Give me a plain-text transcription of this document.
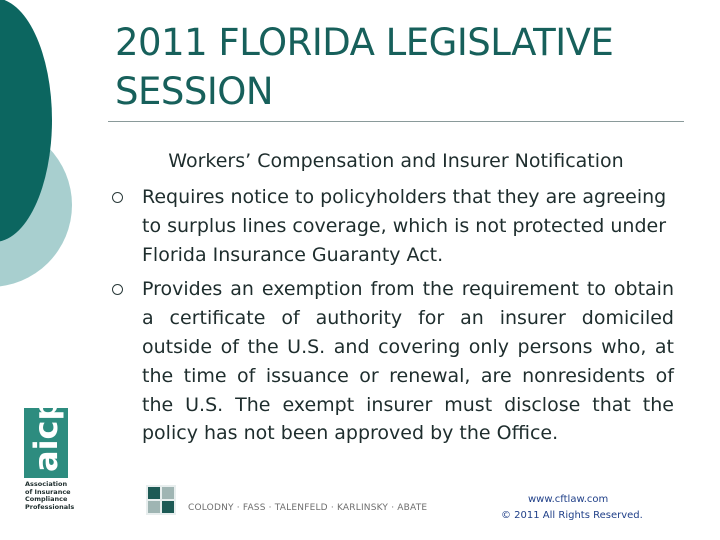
2011 FLORIDA LEGISLATIVE
SESSION

Workers’ Compensation and Insurer Notification

Requires notice to policyholders that they are agreeing to surplus lines coverage, which is not protected under Florida Insurance Guaranty Act.
Provides an exemption from the requirement to obtain a certificate of authority for an insurer domiciled outside of the U.S. and covering only persons who, at the time of issuance or renewal, are nonresidents of the U.S. The exempt insurer must disclose that the policy has not been approved by the Office.
aicp
Association
of Insurance
Compliance
Professionals	COLODNY · FASS · TALENFELD · KARLINSKY · ABATE
www.cftlaw.com
© 2011 All Rights Reserved.
